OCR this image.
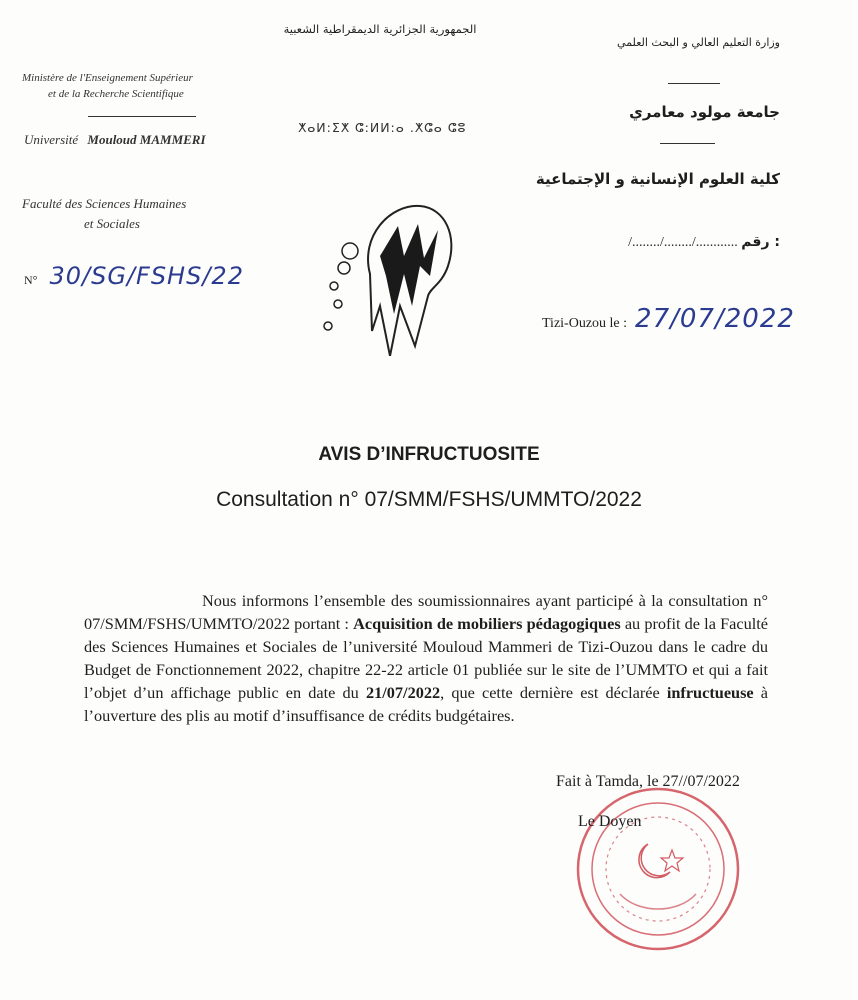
الجمهورية الجزائرية الديمقراطية الشعبية
Ministère de l'Enseignement Supérieur
et de la Recherche Scientifique
وزارة التعليم العالي و البحث العلمي
Université Mouloud MAMMERI
ⵅⴰⵍ:ⵉⵅ ⵛ:ⵍⵍ:ⴰ .ⵅⵛⴰ ⵛⵓ
جامعة مولود معامري
Faculté des Sciences Humaines
et Sociales
كلية العلوم الإنسانية و الإجتماعية
N° 30/SG/FSHS/22
/......../......../............ رقم :
Tizi-Ouzou le : 27/07/2022
AVIS D’INFRUCTUOSITE
Consultation n° 07/SMM/FSHS/UMMTO/2022

Nous informons l’ensemble des soumissionnaires ayant participé à la consultation n° 07/SMM/FSHS/UMMTO/2022 portant : Acquisition de mobiliers pédagogiques au profit de la Faculté des Sciences Humaines et Sociales de l’université Mouloud Mammeri de Tizi-Ouzou dans le cadre du Budget de Fonctionnement 2022, chapitre 22-22 article 01 publiée sur le site de l’UMMTO et qui a fait l’objet d’un affichage public en date du 21/07/2022, que cette dernière est déclarée infructueuse à l’ouverture des plis au motif d’insuffisance de crédits budgétaires.

Fait à Tamda, le 27//07/2022
Le Doyen
